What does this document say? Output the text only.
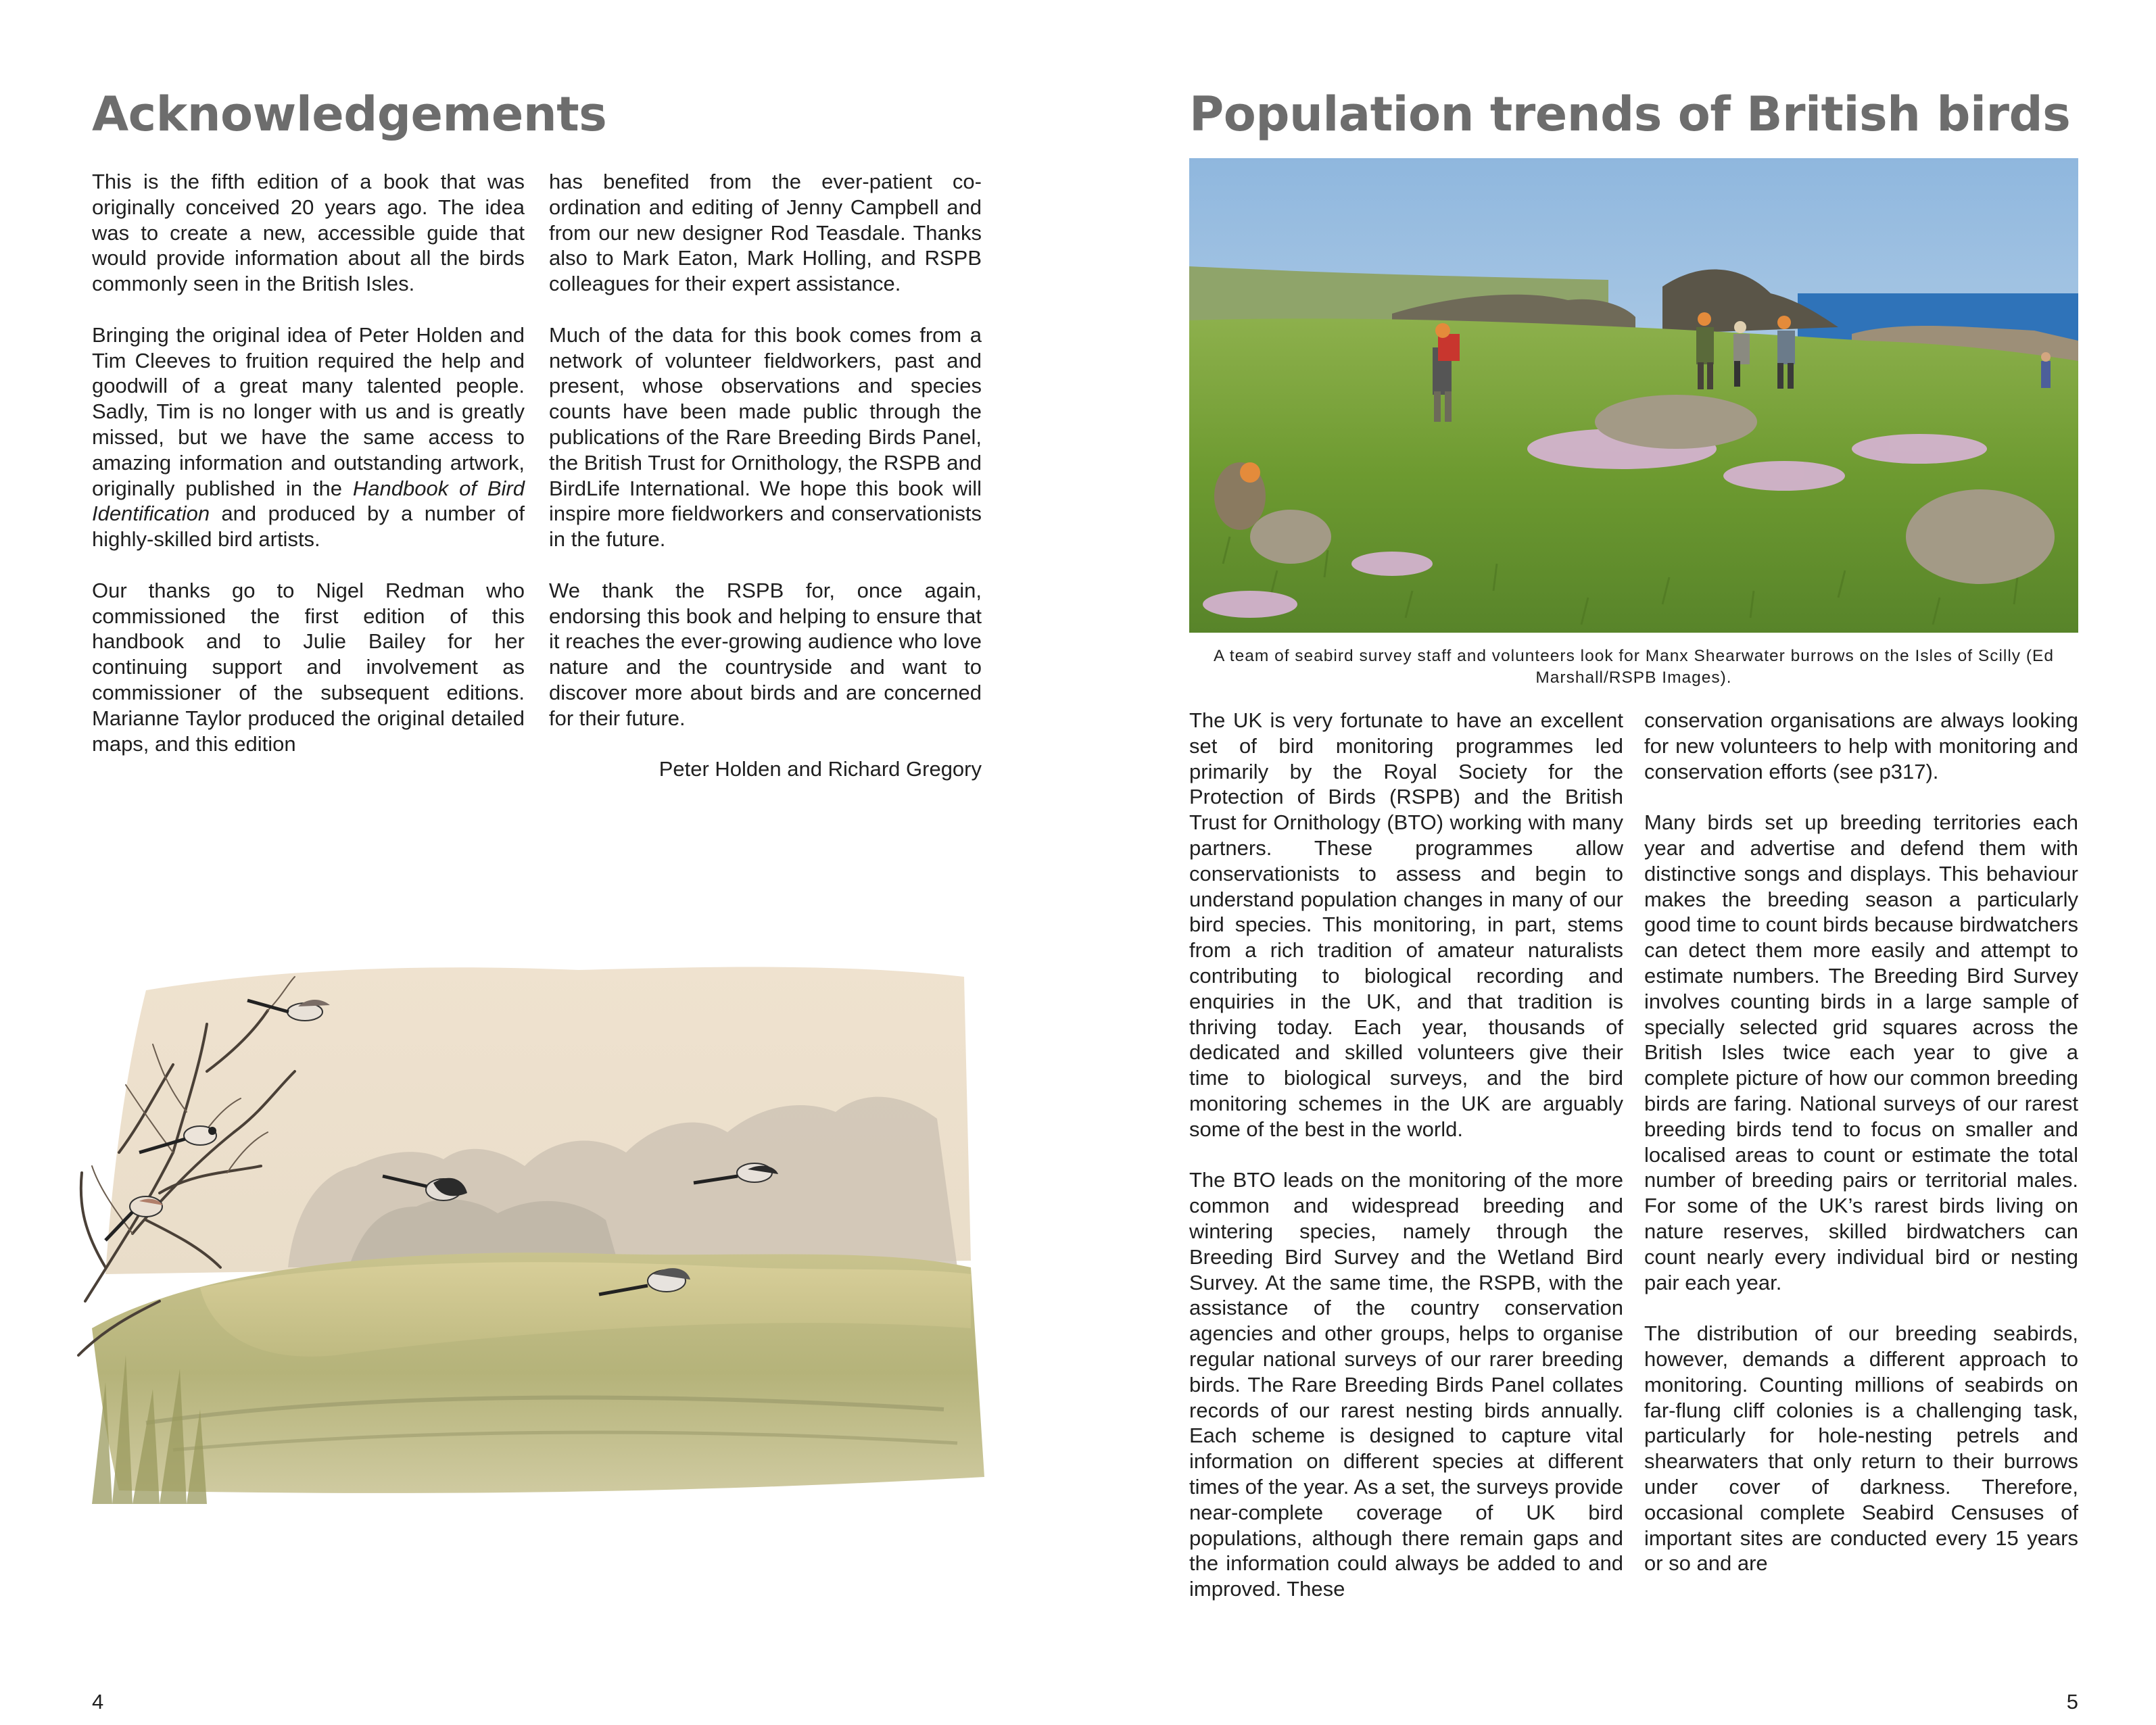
Acknowledgements

This is the fifth edition of a book that was originally conceived 20 years ago. The idea was to create a new, accessible guide that would provide information about all the birds commonly seen in the British Isles.

Bringing the original idea of Peter Holden and Tim Cleeves to fruition required the help and goodwill of a great many talented people. Sadly, Tim is no longer with us and is greatly missed, but we have the same access to amazing information and outstanding artwork, originally published in the Handbook of Bird Identification and produced by a number of highly-skilled bird artists.

Our thanks go to Nigel Redman who commissioned the first edition of this handbook and to Julie Bailey for her continuing support and involvement as commissioner of the subsequent editions. Marianne Taylor produced the original detailed maps, and this edition

has benefited from the ever-patient co-ordination and editing of Jenny Campbell and from our new designer Rod Teasdale. Thanks also to Mark Eaton, Mark Holling, and RSPB colleagues for their expert assistance.

Much of the data for this book comes from a network of volunteer fieldworkers, past and present, whose observations and species counts have been made public through the publications of the Rare Breeding Birds Panel, the British Trust for Ornithology, the RSPB and BirdLife International. We hope this book will inspire more fieldworkers and conservationists in the future.

We thank the RSPB for, once again, endorsing this book and helping to ensure that it reaches the ever-growing audience who love nature and the countryside and want to discover more about birds and are concerned for their future.

Peter Holden and Richard Gregory

4
Population trends of British birds
A team of seabird survey staff and volunteers look for Manx Shearwater burrows on the Isles of Scilly (Ed Marshall/RSPB Images).

The UK is very fortunate to have an excellent set of bird monitoring programmes led primarily by the Royal Society for the Protection of Birds (RSPB) and the British Trust for Ornithology (BTO) working with many partners. These programmes allow conservationists to assess and begin to understand population changes in many of our bird species. This monitoring, in part, stems from a rich tradition of amateur naturalists contributing to biological recording and enquiries in the UK, and that tradition is thriving today. Each year, thousands of dedicated and skilled volunteers give their time to biological surveys, and the bird monitoring schemes in the UK are arguably some of the best in the world.

The BTO leads on the monitoring of the more common and widespread breeding and wintering species, namely through the Breeding Bird Survey and the Wetland Bird Survey. At the same time, the RSPB, with the assistance of the country conservation agencies and other groups, helps to organise regular national surveys of our rarer breeding birds. The Rare Breeding Birds Panel collates records of our rarest nesting birds annually. Each scheme is designed to capture vital information on different species at different times of the year. As a set, the surveys provide near-complete coverage of UK bird populations, although there remain gaps and the information could always be added to and improved. These

conservation organisations are always looking for new volunteers to help with monitoring and conservation efforts (see p317).

Many birds set up breeding territories each year and advertise and defend them with distinctive songs and displays. This behaviour makes the breeding season a particularly good time to count birds because birdwatchers can detect them more easily and attempt to estimate numbers. The Breeding Bird Survey involves counting birds in a large sample of specially selected grid squares across the British Isles twice each year to give a complete picture of how our common breeding birds are faring. National surveys of our rarest breeding birds tend to focus on smaller and localised areas to count or estimate the total number of breeding pairs or territorial males. For some of the UK’s rarest birds living on nature reserves, skilled birdwatchers can count nearly every individual bird or nesting pair each year.

The distribution of our breeding seabirds, however, demands a different approach to monitoring. Counting millions of seabirds on far-flung cliff colonies is a challenging task, particularly for hole-nesting petrels and shearwaters that only return to their burrows under cover of darkness. Therefore, occasional complete Seabird Censuses of important sites are conducted every 15 years or so and are

5
